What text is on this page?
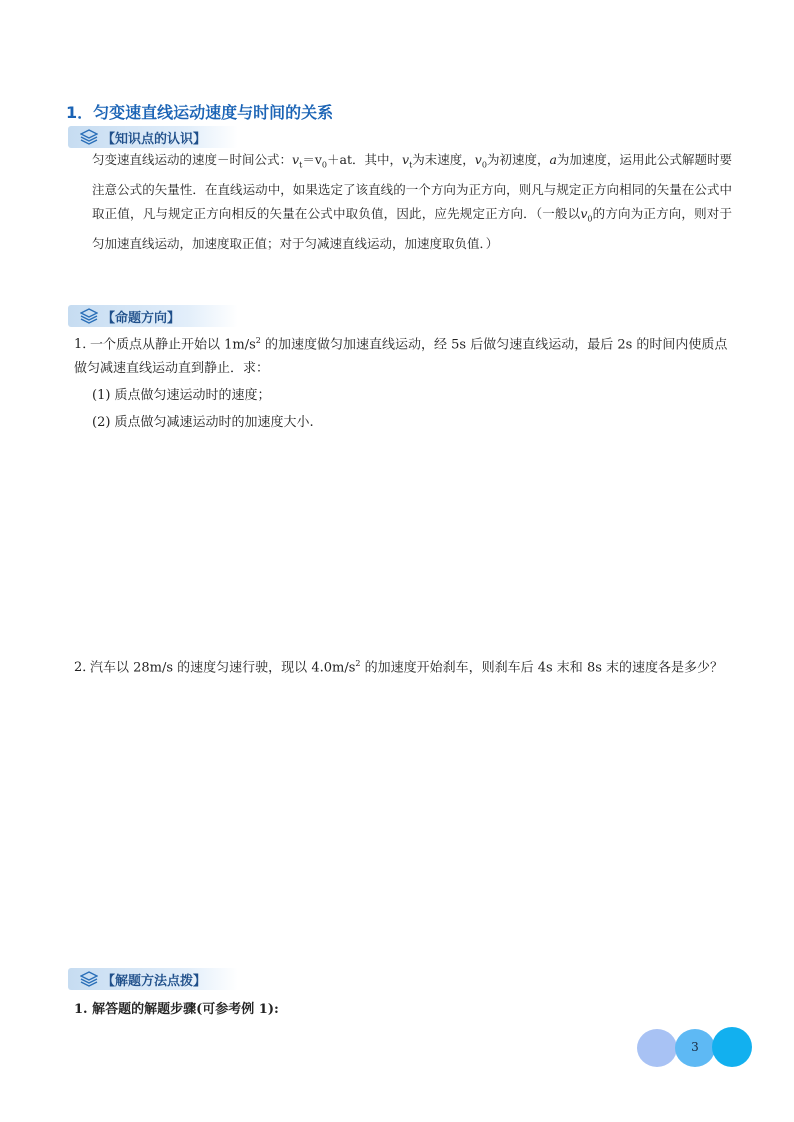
1．匀变速直线运动速度与时间的关系
【知识点的认识】

匀变速直线运动的速度－时间公式：$v_t=v_0+at$．其中，$v_t$为末速度，$v_0$为初速度，a为加速度，运用此公式解题时要注意公式的矢量性．在直线运动中，如果选定了该直线的一个方向为正方向，则凡与规定正方向相同的矢量在公式中取正值，凡与规定正方向相反的矢量在公式中取负值，因此，应先规定正方向．（一般以$v_0$的方向为正方向，则对于匀加速直线运动，加速度取正值；对于匀减速直线运动，加速度取负值．）

【命题方向】

1．一个质点从静止开始以 $1m/s^2$ 的加速度做匀加速直线运动，经 5s 后做匀速直线运动，最后 2s 的时间内使质点做匀减速直线运动直到静止．求：

(1) 质点做匀速运动时的速度；

(2) 质点做匀减速运动时的加速度大小.

2．汽车以 28m/s 的速度匀速行驶，现以 $4.0m/s^2$ 的加速度开始刹车，则刹车后 4s 末和 8s 末的速度各是多少？

【解题方法点拨】

1. 解答题的解题步骤(可参考例 1):

3
